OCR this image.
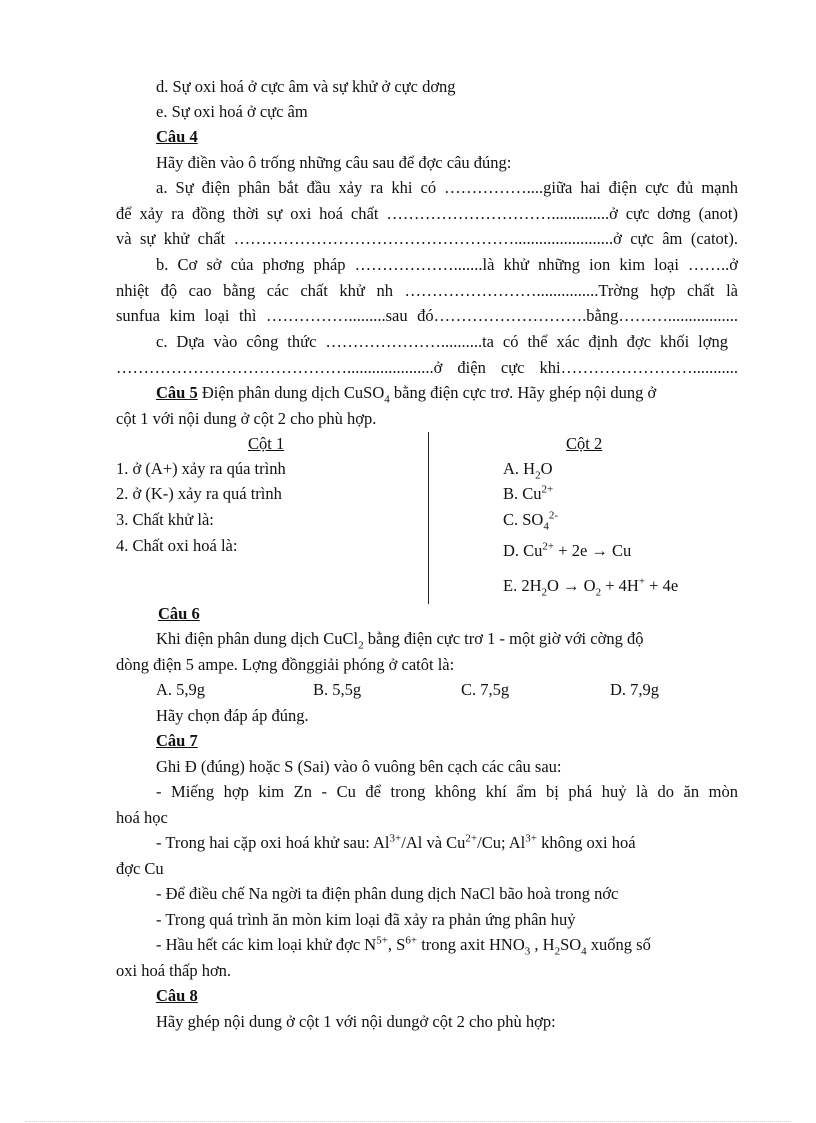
d. Sự oxi hoá ở cực âm và sự khử ở cực dơng
e. Sự oxi hoá ở cực âm
Câu 4
Hãy điền vào ô trống những câu sau để đợc câu đúng:
a. Sự điện phân bắt đầu xảy ra khi có ……………....giữa hai điện cực đủ mạnh
để xảy ra đồng thời sự oxi hoá chất …………………………..............ở cực dơng (anot)
và sự khử chất ……………………………………………........................ở cực âm (catot).
b. Cơ sở của phơng pháp ……………….......là khử những ion kim loại ……..ở
nhiệt độ cao bằng các chất khử nh ……………………...............Trờng hợp chất là
sunfua kim loại thì …………….........sau đó……………………….bằng……….................
c. Dựa vào công thức …………………..........ta có thể xác định đợc khối lợng
…………………………………….....................ở điện cực khi……………………...........
Câu 5 Điện phân dung dịch CuSO$_4$ bằng điện cực trơ. Hãy ghép nội dung ở
cột 1 với nội dung ở cột 2 cho phù hợp.
Cột 1	Cột 2
1. ở (A+) xảy ra qúa trình
2. ở (K-) xảy ra quá trình
3. Chất khử là:
4. Chất oxi hoá là:
A. $H_2O$
B. $Cu^{2+}$
C. $SO_4^{2-}$
D. $Cu^{2+} + 2e \to Cu$
E. $2H_2O \to O_2 + 4H^+ + 4e$
Câu 6
Khi điện phân dung dịch CuCl$_2$ bằng điện cực trơ 1 - một giờ với cờng độ
dòng điện 5 ampe. Lợng đồnggiải phóng ở catôt là:
A. 5,9g	B. 5,5g	C. 7,5g	D. 7,9g
Hãy chọn đáp áp đúng.
Câu 7
Ghi Đ (đúng) hoặc S (Sai) vào ô vuông bên cạch các câu sau:
- Miếng hợp kim Zn - Cu để trong không khí ẩm bị phá huỷ là do ăn mòn
hoá học
- Trong hai cặp oxi hoá khử sau: $Al^{3+}/Al$ và $Cu^{2+}/Cu$; $Al^{3+}$ không oxi hoá
đợc Cu
- Để điều chế Na ngời ta điện phân dung dịch NaCl bão hoà trong nớc
- Trong quá trình ăn mòn kim loại đã xảy ra phản ứng phân huỷ
- Hầu hết các kim loại khử đợc $N^{5+}$, $S^{6+}$ trong axit $HNO_3$ , $H_2SO_4$ xuống số
oxi hoá thấp hơn.
Câu 8
Hãy ghép nội dung ở cột 1 với nội dungở cột 2 cho phù hợp:
